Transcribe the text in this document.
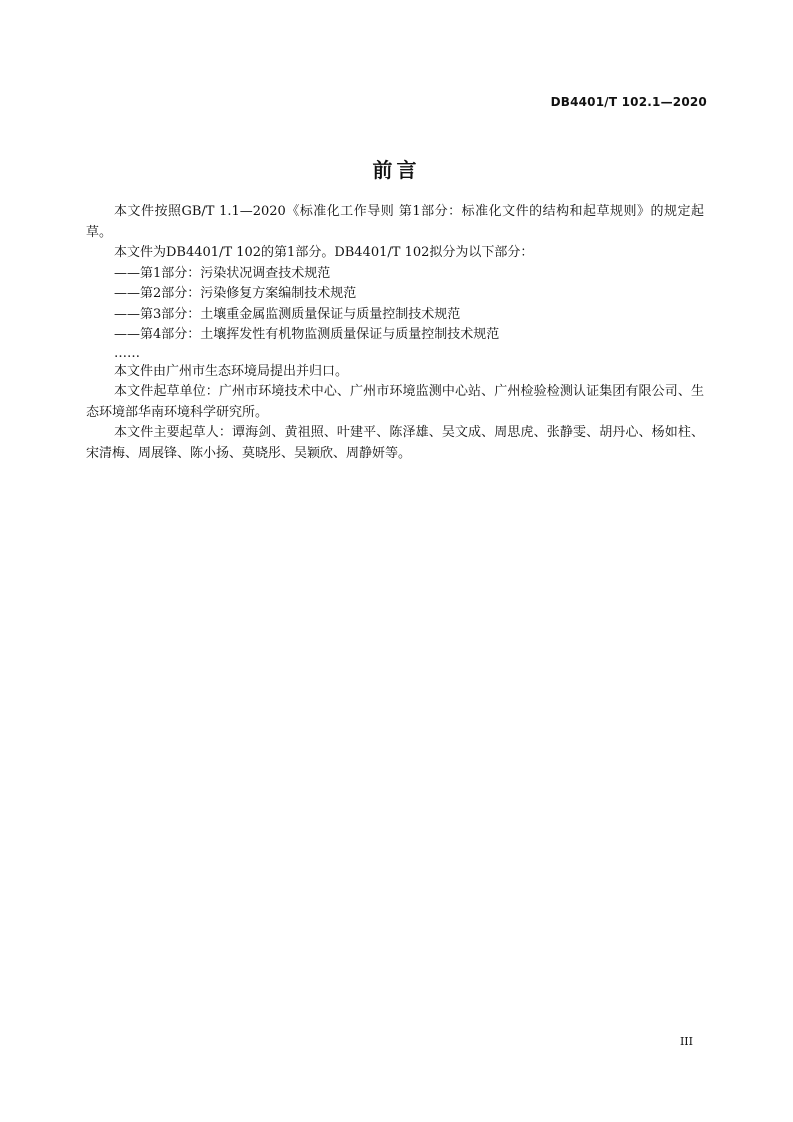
DB4401/T 102.1—2020
前言

本文件按照GB/T 1.1—2020《标准化工作导则 第1部分：标准化文件的结构和起草规则》的规定起草。

本文件为DB4401/T 102的第1部分。DB4401/T 102拟分为以下部分：

——第1部分：污染状况调查技术规范

——第2部分：污染修复方案编制技术规范

——第3部分：土壤重金属监测质量保证与质量控制技术规范

——第4部分：土壤挥发性有机物监测质量保证与质量控制技术规范

……

本文件由广州市生态环境局提出并归口。

本文件起草单位：广州市环境技术中心、广州市环境监测中心站、广州检验检测认证集团有限公司、生态环境部华南环境科学研究所。

本文件主要起草人：谭海剑、黄祖照、叶建平、陈泽雄、吴文成、周思虎、张静雯、胡丹心、杨如柱、宋清梅、周展锋、陈小扬、莫晓彤、吴颖欣、周静妍等。

III
